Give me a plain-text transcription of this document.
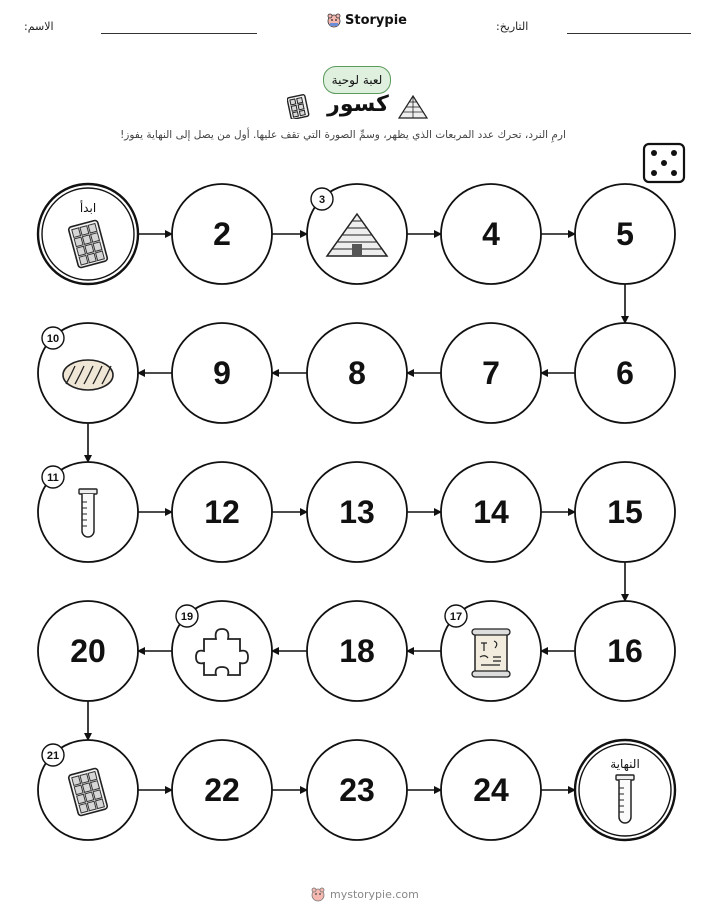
الاسم:	Storypie	التاريخ:
لعبة لوحية
كسور
ارمِ النرد، تحرك عدد المربعات الذي يظهر، وسمِّ الصورة التي تقف عليها. أول من يصل إلى النهاية يفوز!
ابدأ
2
3
4	5
6
7
8
9
10
11
12	13	14	15
16
17
18
19
20
21
22	23	24
النهاية
mystorypie.com
